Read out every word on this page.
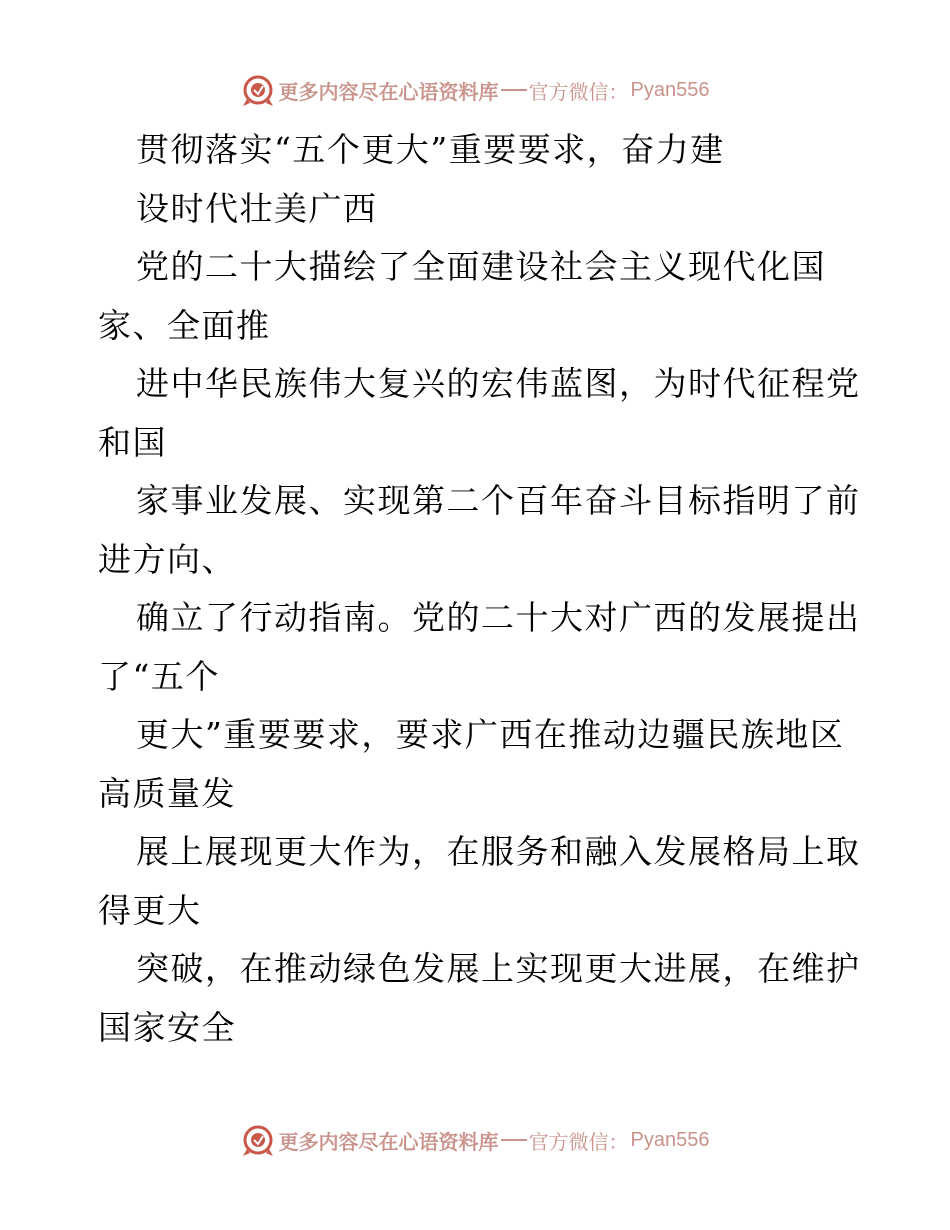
更多内容尽在心语资料库 官方微信： Pyan556
贯彻落实“五个更大”重要要求，奋力建
设时代壮美广西
党的二十大描绘了全面建设社会主义现代化国
家、全面推
进中华民族伟大复兴的宏伟蓝图，为时代征程党
和国
家事业发展、实现第二个百年奋斗目标指明了前
进方向、
确立了行动指南。党的二十大对广西的发展提出
了“五个
更大”重要要求，要求广西在推动边疆民族地区
高质量发
展上展现更大作为，在服务和融入发展格局上取
得更大
突破，在推动绿色发展上实现更大进展，在维护
国家安全
更多内容尽在心语资料库 官方微信： Pyan556
